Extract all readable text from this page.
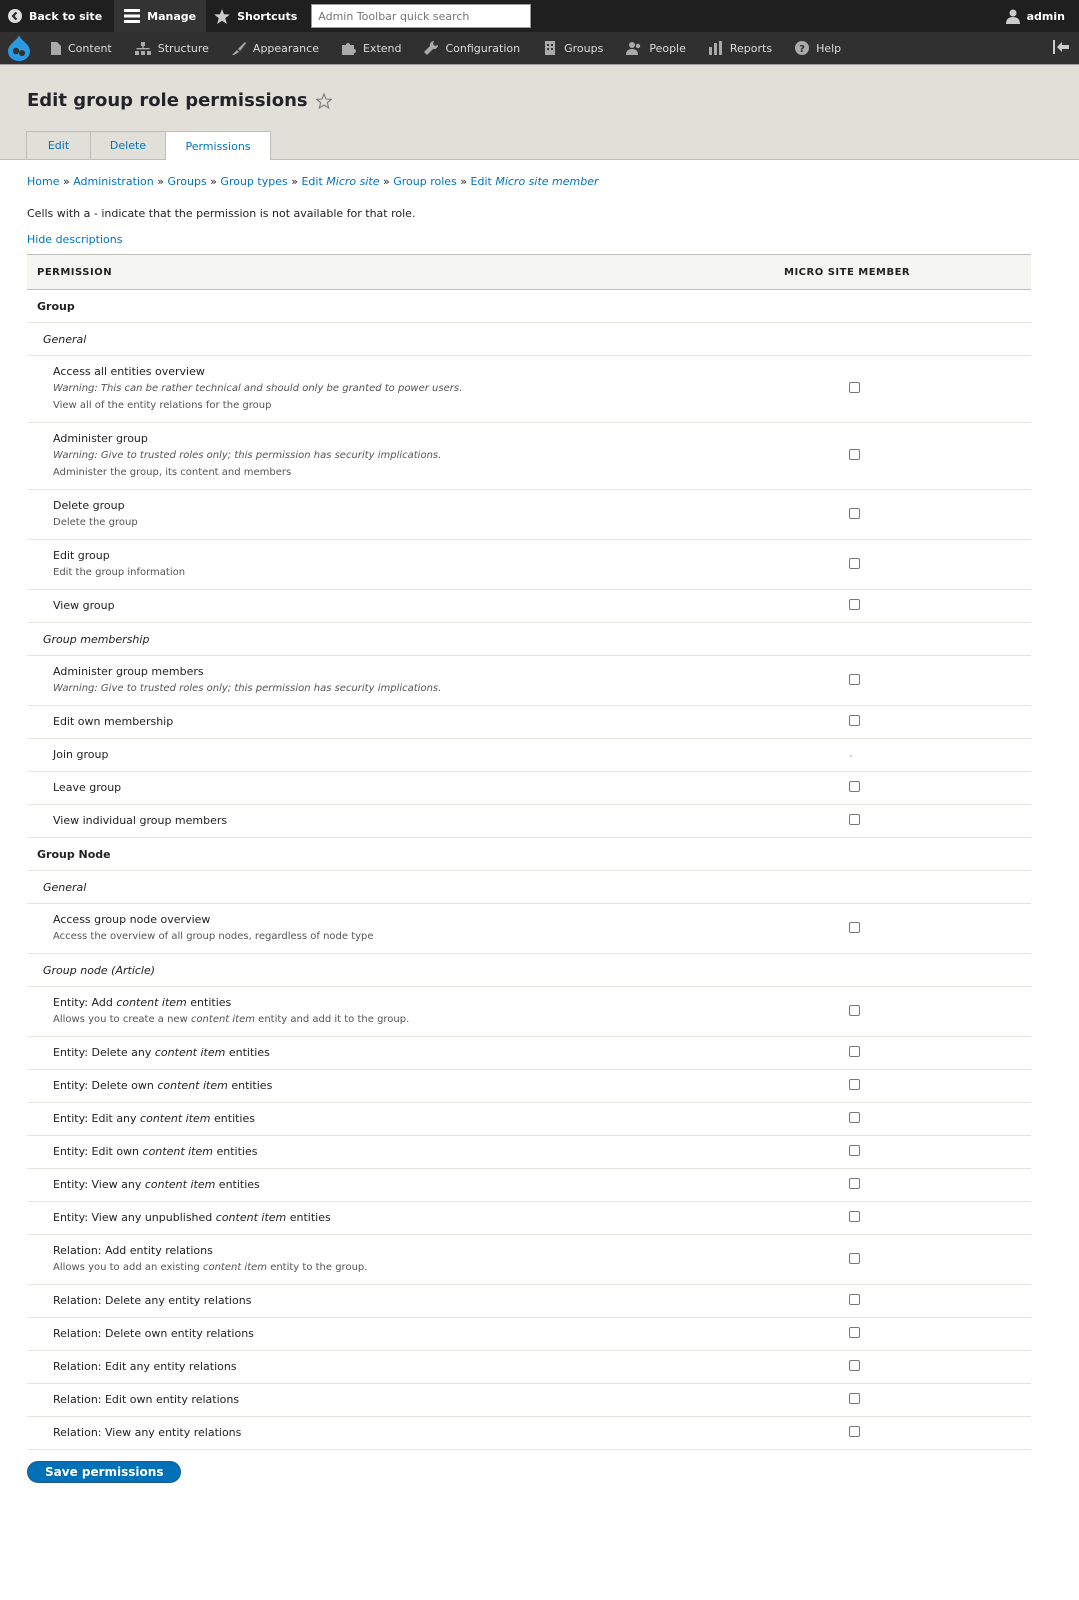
Back to site	Manage	Shortcuts
Admin Toolbar quick search	admin
Content	Structure	Appearance	Extend	Configuration	Groups	People	Reports	? Help
Edit group role permissions
Edit	Delete	Permissions
Home » Administration » Groups » Group types » Edit Micro site » Group roles » Edit Micro site member
Cells with a - indicate that the permission is not available for that role.
Hide descriptions
PERMISSION	MICRO SITE MEMBER
Group	
General	

Access all entities overview
Warning: This can be rather technical and should only be granted to power users.
View all of the entity relations for the group	

Administer group
Warning: Give to trusted roles only; this permission has security implications.
Administer the group, its content and members	

Delete group
Delete the group	

Edit group
Edit the group information	

View group	

Group membership	

Administer group members
Warning: Give to trusted roles only; this permission has security implications.	

Edit own membership	

Join group	-

Leave group	

View individual group members	

Group Node	
General	

Access group node overview
Access the overview of all group nodes, regardless of node type	

Group node (Article)	

Entity: Add content item entities
Allows you to create a new content item entity and add it to the group.	

Entity: Delete any content item entities	

Entity: Delete own content item entities	

Entity: Edit any content item entities	

Entity: Edit own content item entities	

Entity: View any content item entities	

Entity: View any unpublished content item entities	

Relation: Add entity relations
Allows you to add an existing content item entity to the group.	

Relation: Delete any entity relations	

Relation: Delete own entity relations	

Relation: Edit any entity relations	

Relation: Edit own entity relations	

Relation: View any entity relations	

Save permissions
